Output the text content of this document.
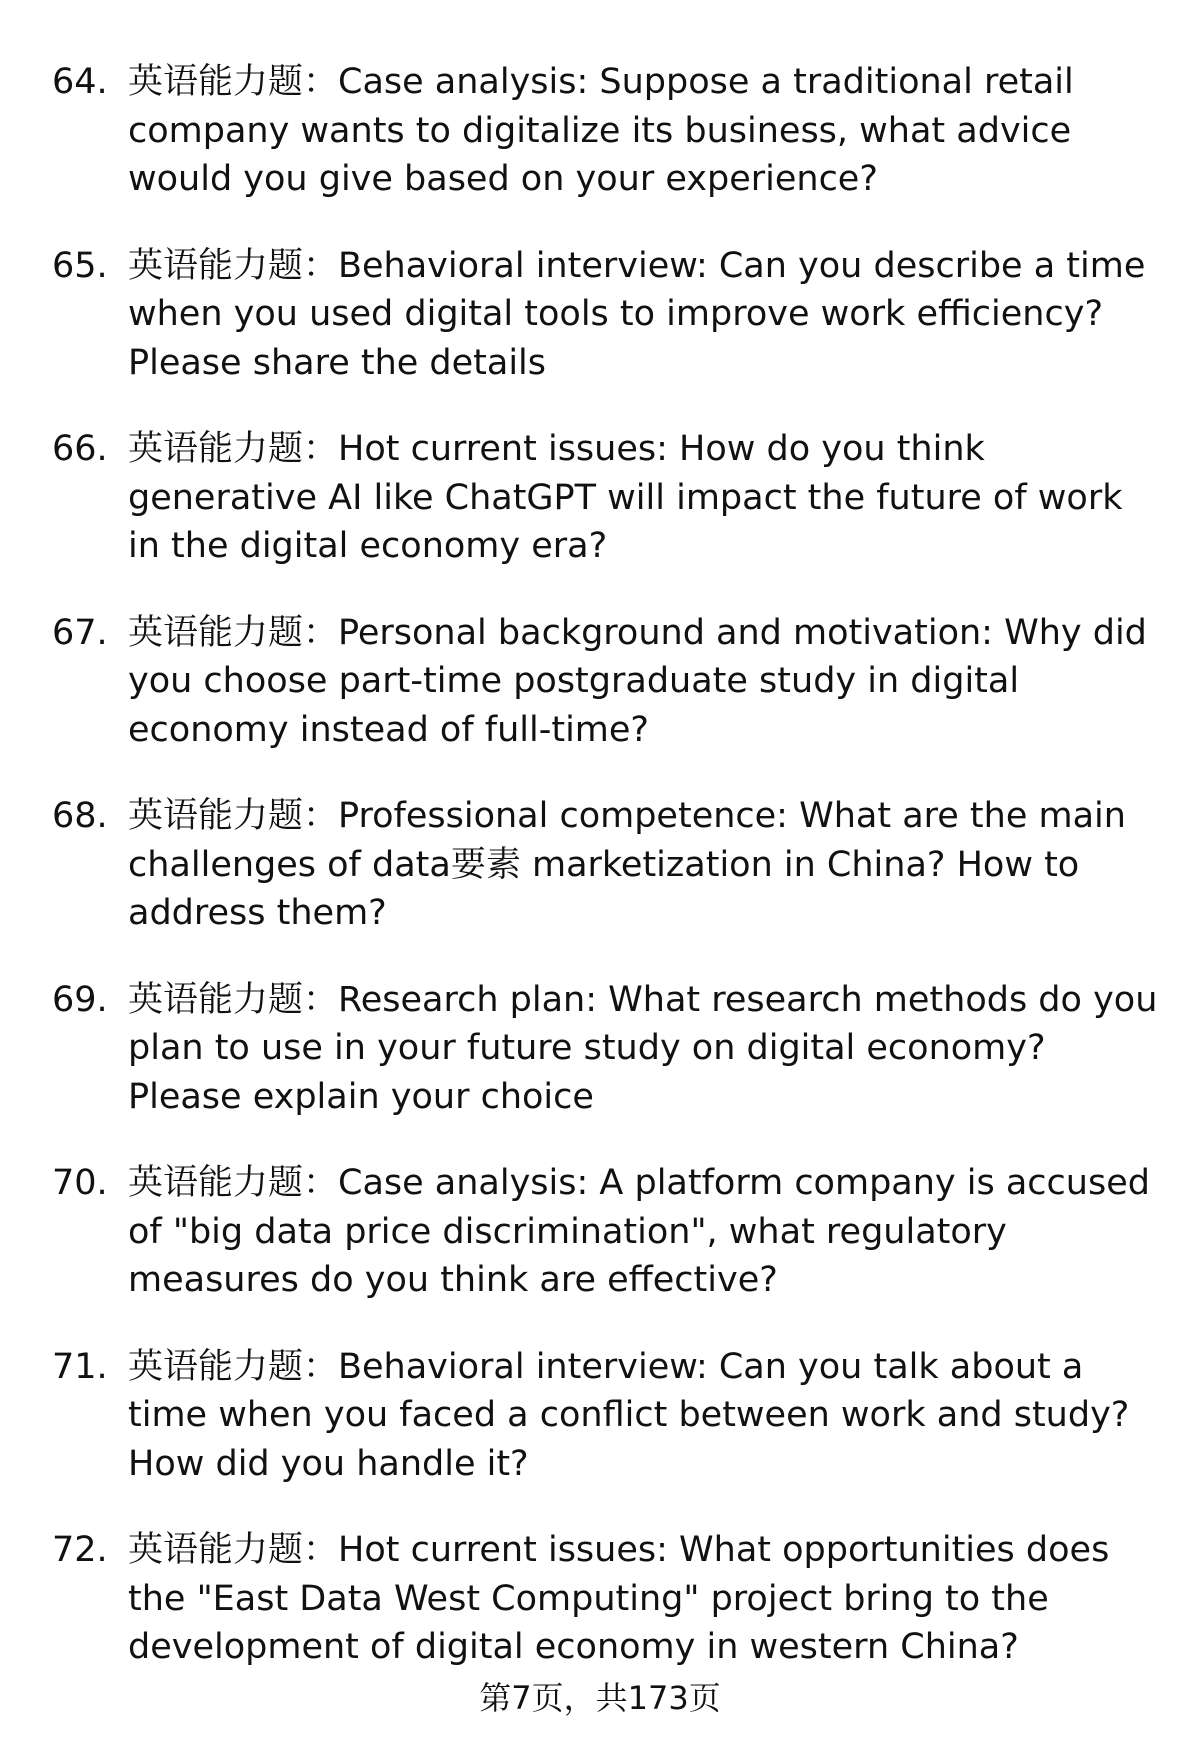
64. 英语能力题：Case analysis: Suppose a traditional retail company wants to digitalize its business, what advice would you give based on your experience?
65. 英语能力题：Behavioral interview: Can you describe a time when you used digital tools to improve work efficiency? Please share the details
66. 英语能力题：Hot current issues: How do you think generative AI like ChatGPT will impact the future of work in the digital economy era?
67. 英语能力题：Personal background and motivation: Why did you choose part-time postgraduate study in digital economy instead of full-time?
68. 英语能力题：Professional competence: What are the main challenges of data要素 marketization in China? How to address them?
69. 英语能力题：Research plan: What research methods do you plan to use in your future study on digital economy? Please explain your choice
70. 英语能力题：Case analysis: A platform company is accused of "big data price discrimination", what regulatory measures do you think are effective?
71. 英语能力题：Behavioral interview: Can you talk about a time when you faced a conflict between work and study? How did you handle it?
72. 英语能力题：Hot current issues: What opportunities does the "East Data West Computing" project bring to the development of digital economy in western China?
第7页，共173页
